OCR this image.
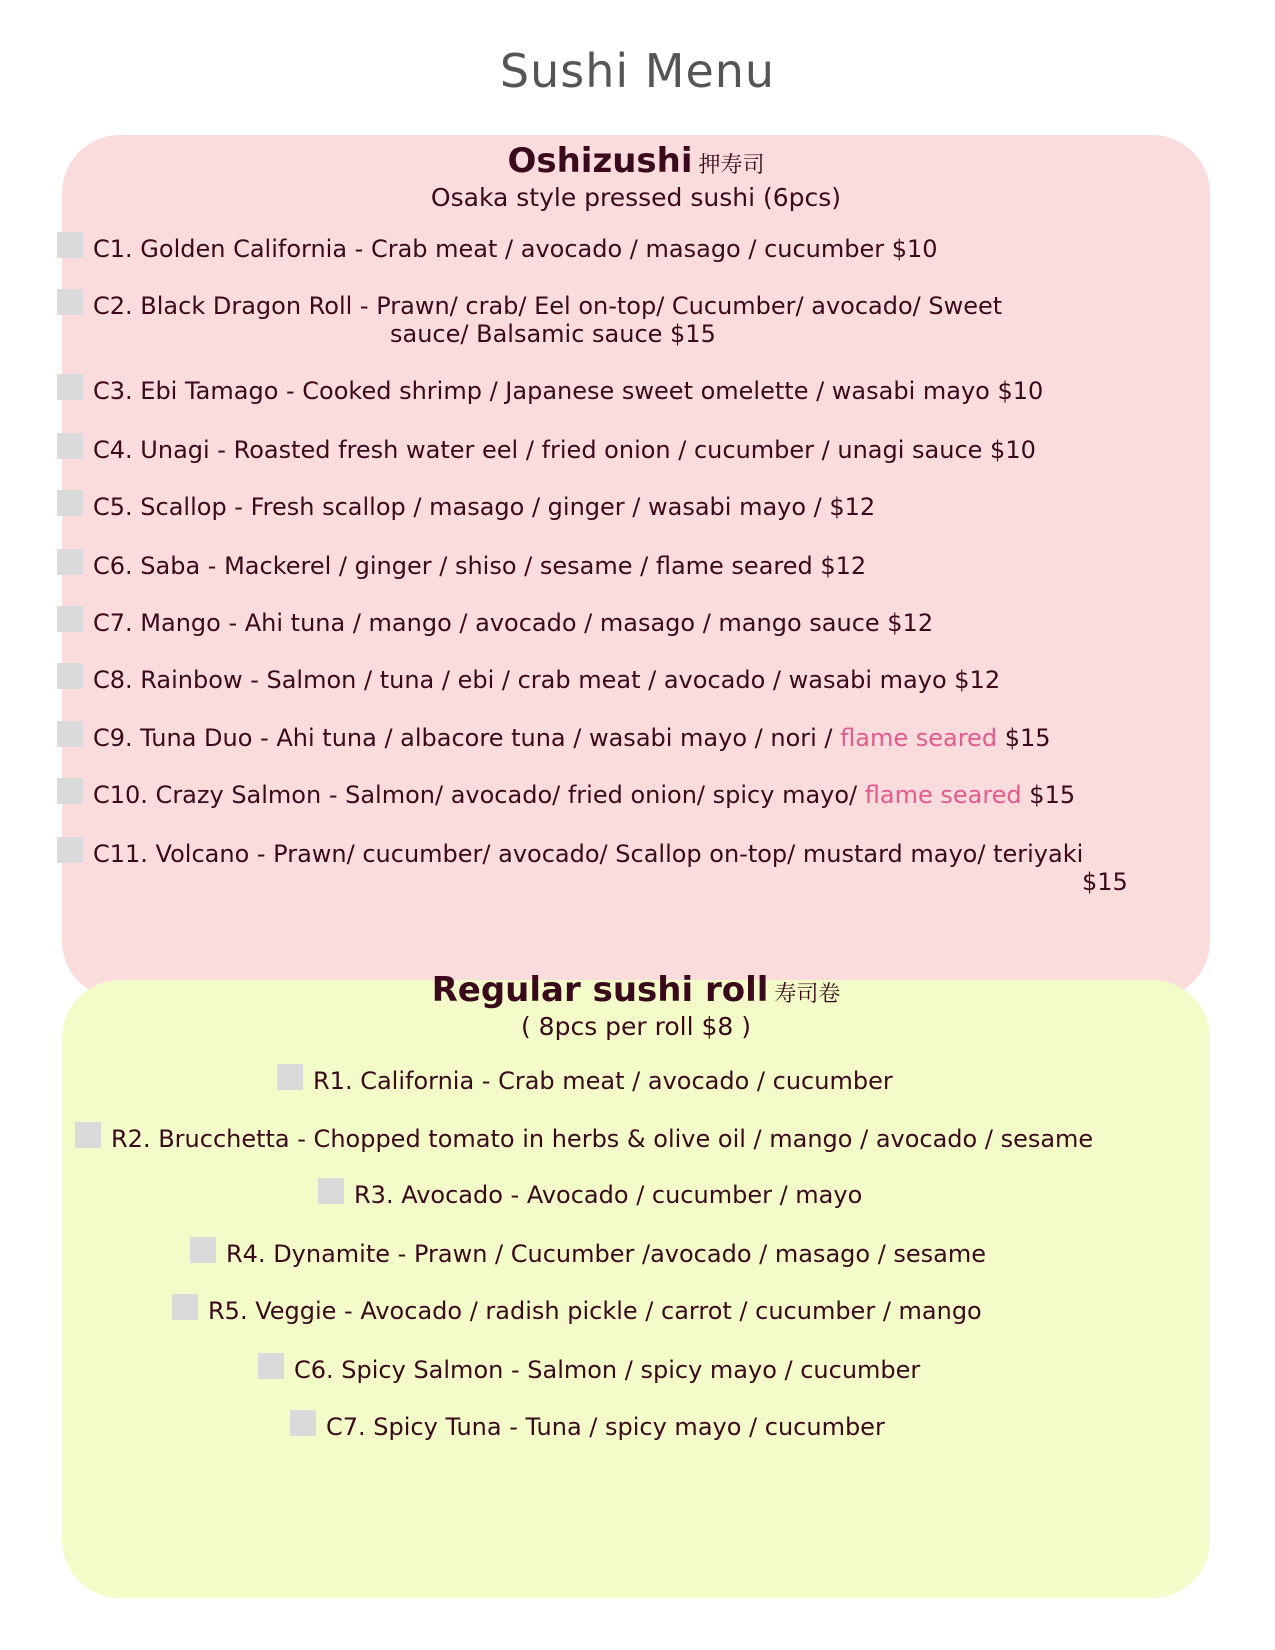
Sushi Menu
Oshizushi 押寿司
Osaka style pressed sushi (6pcs)
C1. Golden California - Crab meat / avocado / masago / cucumber $10
C2. Black Dragon Roll - Prawn/ crab/ Eel on-top/ Cucumber/ avocado/ Sweet
sauce/ Balsamic sauce $15
C3. Ebi Tamago - Cooked shrimp / Japanese sweet omelette / wasabi mayo $10
C4. Unagi - Roasted fresh water eel / fried onion / cucumber / unagi sauce $10
C5. Scallop - Fresh scallop / masago / ginger / wasabi mayo / $12
C6. Saba - Mackerel / ginger / shiso / sesame / flame seared $12
C7. Mango - Ahi tuna / mango / avocado / masago / mango sauce $12
C8. Rainbow - Salmon / tuna / ebi / crab meat / avocado / wasabi mayo $12
C9. Tuna Duo - Ahi tuna / albacore tuna / wasabi mayo / nori / flame seared $15
C10. Crazy Salmon - Salmon/ avocado/ fried onion/ spicy mayo/ flame seared $15
C11. Volcano - Prawn/ cucumber/ avocado/ Scallop on-top/ mustard mayo/ teriyaki
$15
Regular sushi roll 寿司卷
( 8pcs per roll $8 )
R1. California - Crab meat / avocado / cucumber
R2. Brucchetta - Chopped tomato in herbs & olive oil / mango / avocado / sesame
R3. Avocado - Avocado / cucumber / mayo
R4. Dynamite - Prawn / Cucumber /avocado / masago / sesame
R5. Veggie - Avocado / radish pickle / carrot / cucumber / mango
C6. Spicy Salmon - Salmon / spicy mayo / cucumber
C7. Spicy Tuna - Tuna / spicy mayo / cucumber
